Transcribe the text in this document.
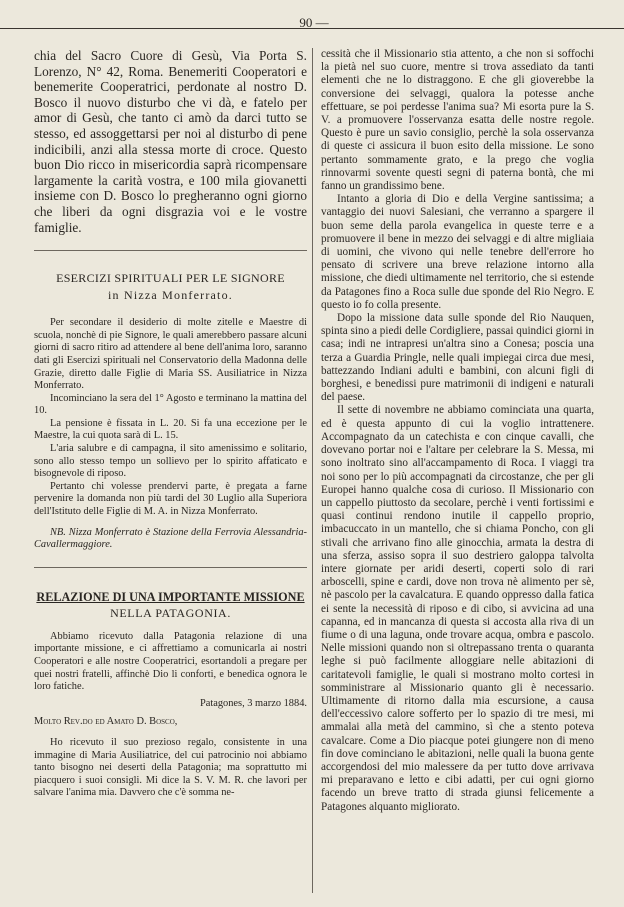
90 —

chia del Sacro Cuore di Gesù, Via Porta S. Lorenzo, N° 42, Roma. Benemeriti Cooperatori e benemerite Cooperatrici, perdonate al nostro D. Bosco il nuovo disturbo che vi dà, e fatelo per amor di Gesù, che tanto ci amò da darci tutto se stesso, ed assoggettarsi per noi al disturbo di pene indicibili, anzi alla stessa morte di croce. Questo buon Dio ricco in misericordia saprà ricompensare largamente la carità vostra, e 100 mila giovanetti insieme con D. Bosco lo pregheranno ogni giorno che liberi da ogni disgrazia voi e le vostre famiglie.

ESERCIZI SPIRITUALI PER LE SIGNORE
in Nizza Monferrato.

Per secondare il desiderio di molte zitelle e Maestre di scuola, nonchè di pie Signore, le quali amerebbero passare alcuni giorni di sacro ritiro ad attendere al bene dell'anima loro, saranno dati gli Esercizi spirituali nel Conservatorio della Madonna delle Grazie, diretto dalle Figlie di Maria SS. Ausiliatrice in Nizza Monferrato.

Incominciano la sera del 1° Agosto e terminano la mattina del 10.

La pensione è fissata in L. 20. Si fa una eccezione per le Maestre, la cui quota sarà di L. 15.

L'aria salubre e di campagna, il sito amenissimo e solitario, sono allo stesso tempo un sollievo per lo spirito affaticato e bisognevole di riposo.

Pertanto chi volesse prendervi parte, è pregata a farne pervenire la domanda non più tardi del 30 Luglio alla Superiora dell'Istituto delle Figlie di M. A. in Nizza Monferrato.

NB. Nizza Monferrato è Stazione della Ferrovia Alessandria-Cavallermaggiore.

RELAZIONE DI UNA IMPORTANTE MISSIONE
NELLA PATAGONIA.

Abbiamo ricevuto dalla Patagonia relazione di una importante missione, e ci affrettiamo a comunicarla ai nostri Cooperatori e alle nostre Cooperatrici, esortandoli a pregare per quei nostri fratelli, affinchè Dio li conforti, e benedica ognora le loro fatiche.

Patagones, 3 marzo 1884.
Molto Rev.do ed Amato D. Bosco,

Ho ricevuto il suo prezioso regalo, consistente in una immagine di Maria Ausiliatrice, del cui patrocinio noi abbiamo tanto bisogno nei deserti della Patagonia; ma soprattutto mi piacquero i suoi consigli. Mi dice la S. V. M. R. che lavori per salvare l'anima mia. Davvero che c'è somma ne-

cessità che il Missionario stia attento, a che non si soffochi la pietà nel suo cuore, mentre si trova assediato da tanti elementi che ne lo distraggono. E che gli gioverebbe la conversione dei selvaggi, qualora la potesse anche effettuare, se poi perdesse l'anima sua? Mi esorta pure la S. V. a promuovere l'osservanza esatta delle nostre regole. Questo è pure un savio consiglio, perchè la sola osservanza di queste ci assicura il buon esito della missione. Le sono pertanto sommamente grato, e la prego che voglia rinnovarmi sovente questi segni di paterna bontà, che mi fanno un grandissimo bene.

Intanto a gloria di Dio e della Vergine santissima; a vantaggio dei nuovi Salesiani, che verranno a spargere il buon seme della parola evangelica in queste terre e a promuovere il bene in mezzo dei selvaggi e di altre migliaia di uomini, che vivono qui nelle tenebre dell'errore ho pensato di scrivere una breve relazione intorno alla missione, che diedi ultimamente nel territorio, che si estende da Patagones fino a Roca sulle due sponde del Rio Negro. E questo io fo colla presente.

Dopo la missione data sulle sponde del Rio Nauquen, spinta sino a piedi delle Cordigliere, passai quindici giorni in casa; indi ne intrapresi un'altra sino a Conesa; poscia una terza a Guardia Pringle, nelle quali impiegai circa due mesi, battezzando Indiani adulti e bambini, con alcuni figli di borghesi, e benedissi pure matrimonii di indigeni e naturali del paese.

Il sette di novembre ne abbiamo cominciata una quarta, ed è questa appunto di cui la voglio intrattenere. Accompagnato da un catechista e con cinque cavalli, che dovevano portar noi e l'altare per celebrare la S. Messa, mi sono inoltrato sino all'accampamento di Roca. I viaggi tra noi sono per lo più accompagnati da circostanze, che per gli Europei hanno qualche cosa di curioso. Il Missionario con un cappello piuttosto da secolare, perchè i venti fortissimi e quasi continui rendono inutile il cappello proprio, imbacuccato in un mantello, che si chiama Poncho, con gli stivali che arrivano fino alle ginocchia, armata la destra di una sferza, assiso sopra il suo destriero galoppa talvolta intere giornate per aridi deserti, coperti solo di rari arboscelli, spine e cardi, dove non trova nè alimento per sè, nè pascolo per la cavalcatura. E quando oppresso dalla fatica ei sente la necessità di riposo e di cibo, si avvicina ad una capanna, ed in mancanza di questa si accosta alla riva di un fiume o di una laguna, onde trovare acqua, ombra e pascolo. Nelle missioni quando non si oltrepassano trenta o quaranta leghe si può facilmente alloggiare nelle abitazioni di caritatevoli famiglie, le quali si mostrano molto cortesi in somministrare al Missionario quanto gli è necessario. Ultimamente di ritorno dalla mia escursione, a causa dell'eccessivo calore sofferto per lo spazio di tre mesi, mi ammalai alla metà del cammino, sì che a stento poteva cavalcare. Come a Dio piacque potei giungere non di meno fin dove cominciano le abitazioni, nelle quali la buona gente accorgendosi del mio malessere da per tutto dove arrivava mi preparavano e letto e cibi adatti, per cui ogni giorno facendo un breve tratto di strada giunsi felicemente a Patagones alquanto migliorato.
